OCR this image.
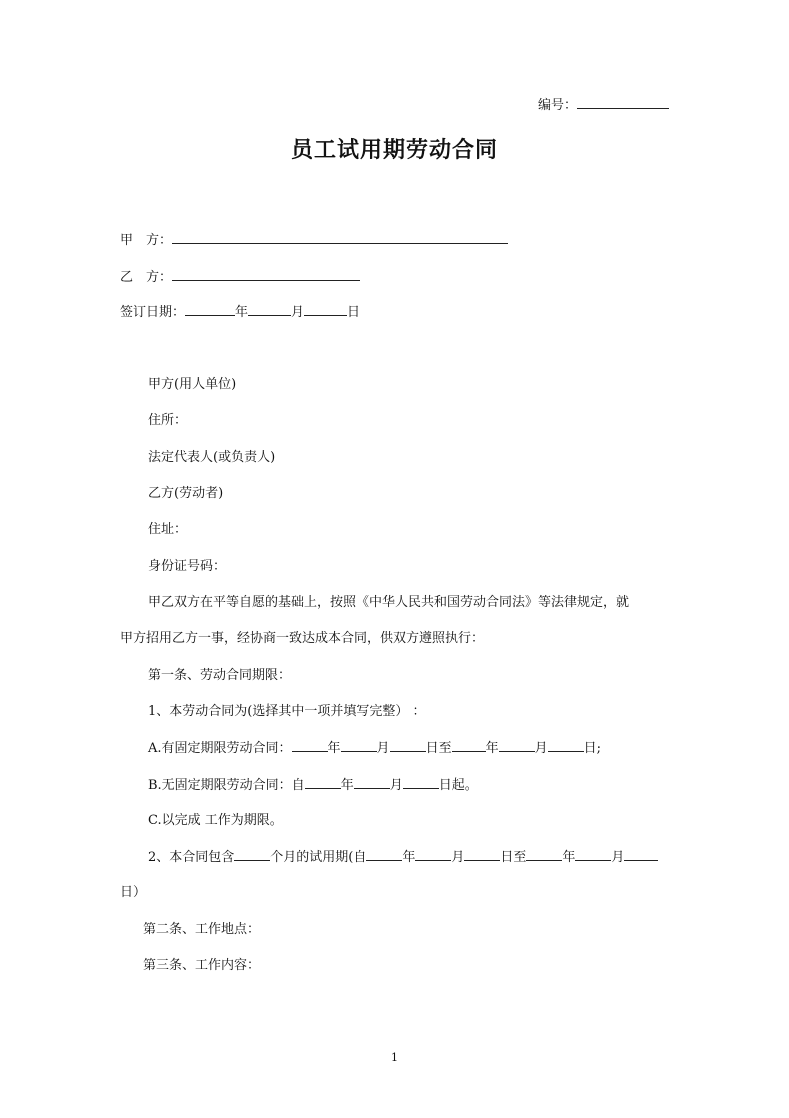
编号：
员工试用期劳动合同
甲　方：
乙　方：
签订日期：	年	月	日
甲方(用人单位)
住所：
法定代表人(或负责人)
乙方(劳动者)
住址：
身份证号码：
甲乙双方在平等自愿的基础上，按照《中华人民共和国劳动合同法》等法律规定，就
甲方招用乙方一事，经协商一致达成本合同，供双方遵照执行：
第一条、劳动合同期限：
1、本劳动合同为(选择其中一项并填写完整） ：
A.有固定期限劳动合同：	年	月	日至	年	月	日;
B.无固定期限劳动合同：自	年	月	日起。
C.以完成 工作为期限。
2、本合同包含	个月的试用期(自	年	月	日至	年	月
日）
第二条、工作地点：
第三条、工作内容：
1
